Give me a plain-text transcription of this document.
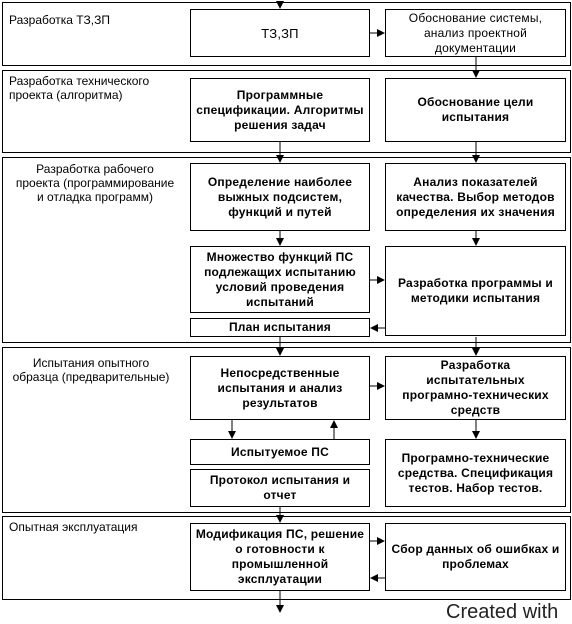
Разработка ТЗ,ЗП
Разработка технического проекта (алгоритма)
Разработка рабочего проекта (программирование и отладка программ)
Испытания опытного образца (предварительные)
Опытная эксплуатация
ТЗ,ЗП
Обоснование системы, анализ проектной документации
Программные спецификации. Алгоритмы решения задач
Обоснование цели испытания
Определение наиболее выжных подсистем, функций и путей
Анализ показателей качества. Выбор методов определения их значения
Множество функций ПС подлежащих испытанию условий проведения испытаний
Разработка программы и методики испытания
План испытания
Непосредственные испытания и анализ результатов
Разработка испытательных програмно-технических средств
Испытуемое ПС	Програмно-технические средства. Спецификация тестов. Набор тестов.
Протокол испытания и отчет
Модификация ПС, решение о готовности к промышленной эксплуатации
Сбор данных об ошибках и проблемах
Created with
